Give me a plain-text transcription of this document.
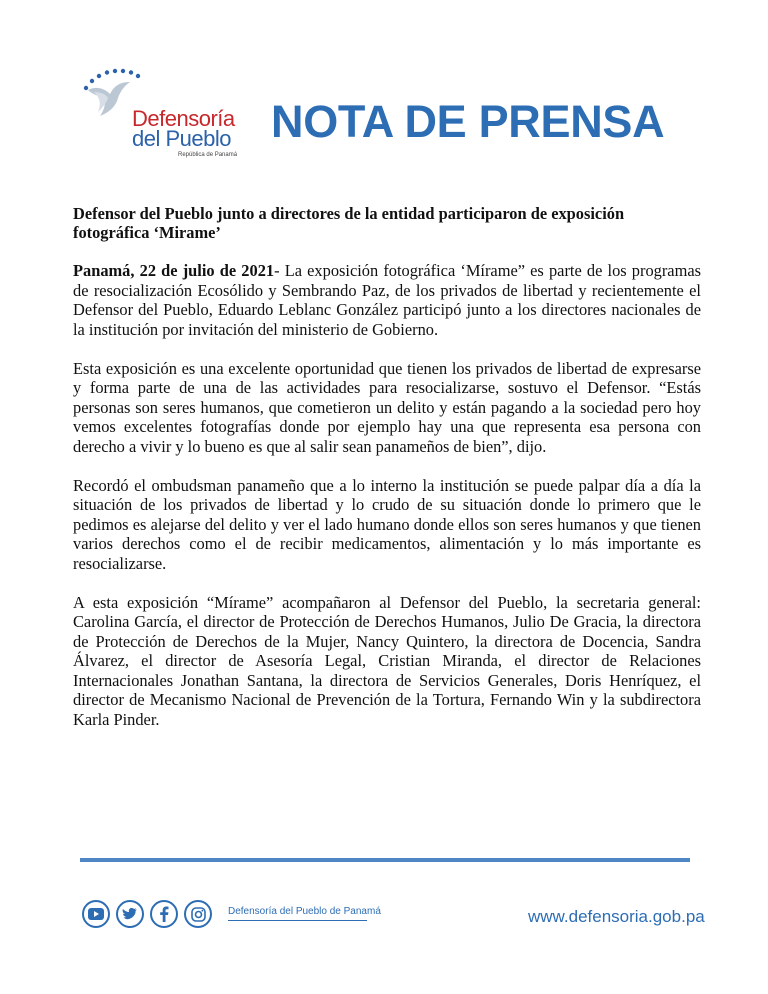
Defensoría
del Pueblo
República de Panamá
NOTA DE PRENSA

Defensor del Pueblo junto a directores de la entidad participaron de exposición fotográfica ‘Mirame’

Panamá, 22 de julio de 2021- La exposición fotográfica ‘Mírame” es parte de los programas de resocialización Ecosólido y Sembrando Paz, de los privados de libertad y recientemente el Defensor del Pueblo, Eduardo Leblanc González participó junto a los directores nacionales de la institución por invitación del ministerio de Gobierno.

Esta exposición es una excelente oportunidad que tienen los privados de libertad de expresarse y forma parte de una de las actividades para resocializarse, sostuvo el Defensor. “Estás personas son seres humanos, que cometieron un delito y están pagando a la sociedad pero hoy vemos excelentes fotografías donde por ejemplo hay una que representa esa persona con derecho a vivir y lo bueno es que al salir sean panameños de bien”, dijo.

Recordó el ombudsman panameño que a lo interno la institución se puede palpar día a día la situación de los privados de libertad y lo crudo de su situación donde lo primero que le pedimos es alejarse del delito y ver el lado humano donde ellos son seres humanos y que tienen varios derechos como el de recibir medicamentos, alimentación y lo más importante es resocializarse.

A esta exposición “Mírame” acompañaron al Defensor del Pueblo, la secretaria general: Carolina García, el director de Protección de Derechos Humanos, Julio De Gracia, la directora de Protección de Derechos de la Mujer, Nancy Quintero, la directora de Docencia, Sandra Álvarez, el director de Asesoría Legal, Cristian Miranda, el director de Relaciones Internacionales Jonathan Santana, la directora de Servicios Generales, Doris Henríquez, el director de Mecanismo Nacional de Prevención de la Tortura, Fernando Win y la subdirectora Karla Pinder.

Defensoría del Pueblo de Panamá	www.defensoria.gob.pa
